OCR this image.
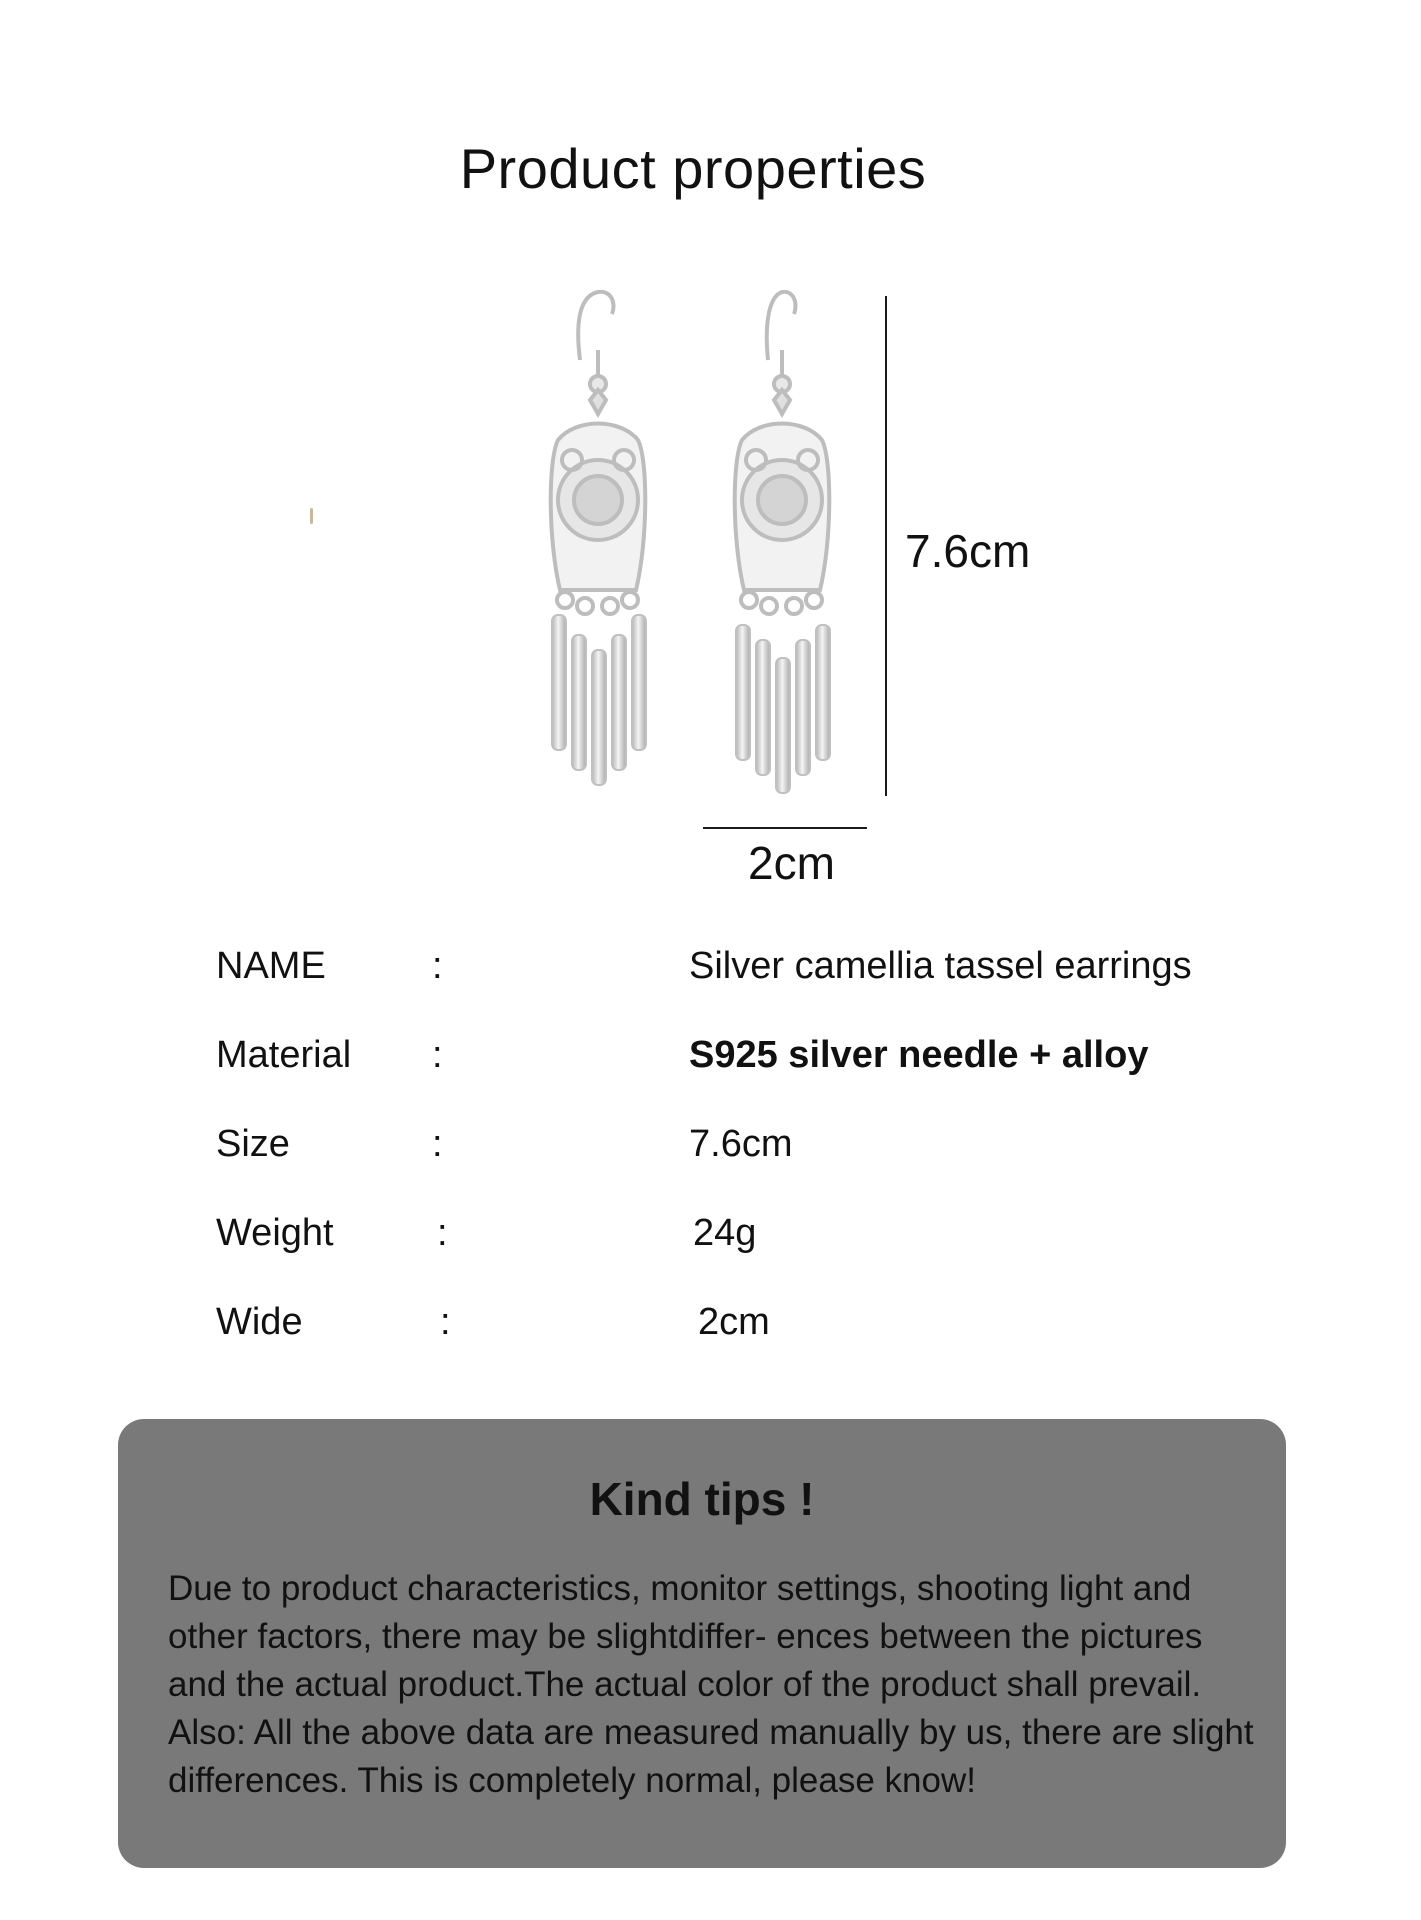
Product properties
7.6cm
2cm
NAME	:	Silver camellia tassel earrings
Material :	S925 silver needle + alloy
Size	:	7.6cm
Weight	:	24g
Wide	:	2cm
Kind tips !
Due to product characteristics, monitor settings, shooting light and other factors, there may be slightdiffer- ences between the pictures and the actual product.The actual color of the product shall prevail. Also: All the above data are measured manually by us, there are slight differences. This is completely normal, please know!
